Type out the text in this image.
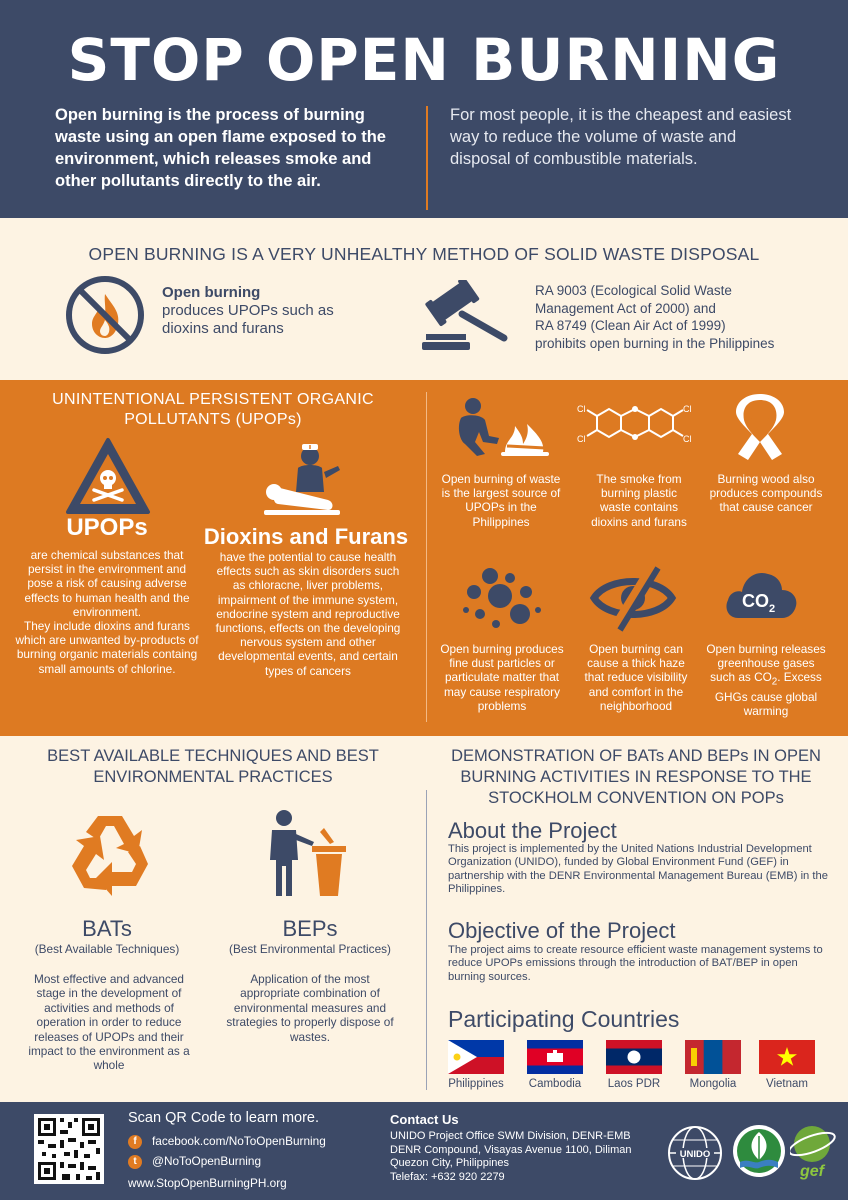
STOP OPEN BURNING
Open burning is the process of burning waste using an open flame exposed to the environment, which releases smoke and other pollutants directly to the air.
For most people, it is the cheapest and easiest way to reduce the volume of waste and disposal of combustible materials.
OPEN BURNING IS A VERY UNHEALTHY METHOD OF SOLID WASTE DISPOSAL
Open burning
produces UPOPs such as dioxins and furans
RA 9003 (Ecological Solid Waste Management Act of 2000) and
RA 8749 (Clean Air Act of 1999)
prohibits open burning in the Philippines
UNINTENTIONAL PERSISTENT ORGANIC POLLUTANTS (UPOPs)
UPOPs	Dioxins and Furans
are chemical substances that persist in the environment and pose a risk of causing adverse effects to human health and the environment.
They include dioxins and furans which are unwanted by-products of burning organic materials containg small amounts of chlorine.
have the potential to cause health effects such as skin disorders such as chloracne, liver problems, impairment of the immune system, endocrine system and reproductive functions, effects on the developing nervous system and other developmental events, and certain types of cancers
Cl
Cl
Cl
Cl
Open burning of waste is the largest source of UPOPs in the Philippines
The smoke from burning plastic waste contains dioxins and furans
Burning wood also produces compounds that cause cancer
$CO_2$
Open burning produces fine dust particles or particulate matter that may cause respiratory problems
Open burning can cause a thick haze that reduce visibility and comfort in the neighborhood
Open burning releases greenhouse gases such as $CO_2$. Excess GHGs cause global warming
BEST AVAILABLE TECHNIQUES AND BEST ENVIRONMENTAL PRACTICES
BATs
(Best Available Techniques)
BEPs
(Best Environmental Practices)
Most effective and advanced stage in the development of activities and methods of operation in order to reduce releases of UPOPs and their impact to the environment as a whole
Application of the most appropriate combination of environmental measures and strategies to properly dispose of wastes.
DEMONSTRATION OF BATs AND BEPs IN OPEN BURNING ACTIVITIES IN RESPONSE TO THE STOCKHOLM CONVENTION ON POPs
About the Project
This project is implemented by the United Nations Industrial Development Organization (UNIDO), funded by Global Environment Fund (GEF) in partnership with the DENR Environmental Management Bureau (EMB) in the Philippines.
Objective of the Project
The project aims to create resource efficient waste management systems to reduce UPOPs emissions through the introduction of BAT/BEP in open burning sources.
Participating Countries
Philippines	Cambodia	Laos PDR	Mongolia	Vietnam
Scan QR Code to learn more.
f	facebook.com/NoToOpenBurning
t	@NoToOpenBurning
www.StopOpenBurningPH.org
Contact Us
UNIDO Project Office SWM Division, DENR-EMB
DENR Compound, Visayas Avenue 1100, Diliman
Quezon City, Philippines
Telefax: +632 920 2279
UNIDO
gef
